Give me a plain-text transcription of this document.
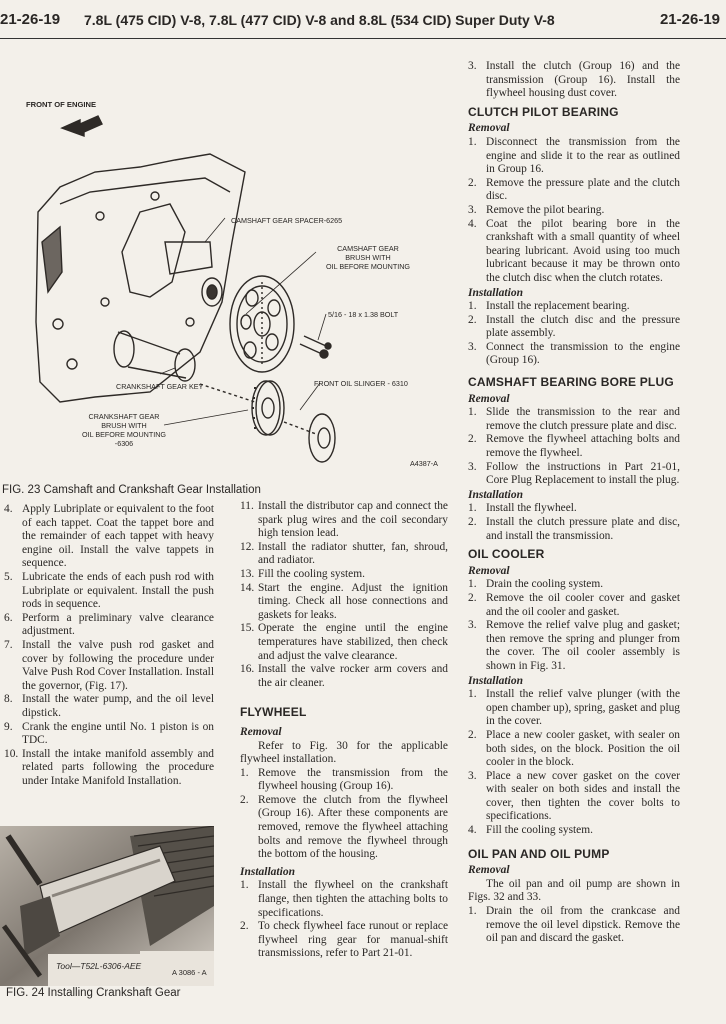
21-26-19 7.8L (475 CID) V-8, 7.8L (477 CID) V-8 and 8.8L (534 CID) Super Duty V-8	21-26-19
FRONT OF ENGINE
CAMSHAFT GEAR SPACER-6265
CAMSHAFT GEAR
BRUSH WITH
OIL BEFORE MOUNTING
5/16 - 18 x 1.38 BOLT
CRANKSHAFT GEAR KEY	FRONT OIL SLINGER - 6310
CRANKSHAFT GEAR
BRUSH WITH
OIL BEFORE MOUNTING
-6306
A4387-A
FIG. 23 Camshaft and Crankshaft Gear Installation
4. Apply Lubriplate or equivalent to the foot of each tappet. Coat the tappet bore and the remainder of each tappet with heavy engine oil. Install the valve tappets in sequence.
5. Lubricate the ends of each push rod with Lubriplate or equivalent. Install the push rods in sequence.
6. Perform a preliminary valve clearance adjustment.
7. Install the valve push rod gasket and cover by following the procedure under Valve Push Rod Cover Installation. Install the governor, (Fig. 17).
8. Install the water pump, and the oil level dipstick.
9. Crank the engine until No. 1 piston is on TDC.
10. Install the intake manifold assembly and related parts following the procedure under Intake Manifold Installation.
Tool—T52L-6306-AEE
A 3086 - A
FIG. 24 Installing Crankshaft Gear
11. Install the distributor cap and connect the spark plug wires and the coil secondary high tension lead.
12. Install the radiator shutter, fan, shroud, and radiator.
13. Fill the cooling system.
14. Start the engine. Adjust the ignition timing. Check all hose connections and gaskets for leaks.
15. Operate the engine until the engine temperatures have stabilized, then check and adjust the valve clearance.
16. Install the valve rocker arm covers and the air cleaner.
FLYWHEEL
Removal

Refer to Fig. 30 for the applicable flywheel installation.

1. Remove the transmission from the flywheel housing (Group 16).
2. Remove the clutch from the flywheel (Group 16). After these components are removed, remove the flywheel attaching bolts and remove the flywheel through the bottom of the housing.
Installation
1. Install the flywheel on the crankshaft flange, then tighten the attaching bolts to specifications.
2. To check flywheel face runout or replace flywheel ring gear for manual-shift transmissions, refer to Part 21-01.
3. Install the clutch (Group 16) and the transmission (Group 16). Install the flywheel housing dust cover.
CLUTCH PILOT BEARING
Removal
1. Disconnect the transmission from the engine and slide it to the rear as outlined in Group 16.
2. Remove the pressure plate and the clutch disc.
3. Remove the pilot bearing.
4. Coat the pilot bearing bore in the crankshaft with a small quantity of wheel bearing lubricant. Avoid using too much lubricant because it may be thrown onto the clutch disc when the clutch rotates.
Installation
1. Install the replacement bearing.
2. Install the clutch disc and the pressure plate assembly.
3. Connect the transmission to the engine (Group 16).
CAMSHAFT BEARING BORE PLUG
Removal
1. Slide the transmission to the rear and remove the clutch pressure plate and disc.
2. Remove the flywheel attaching bolts and remove the flywheel.
3. Follow the instructions in Part 21-01, Core Plug Replacement to install the plug.
Installation
1. Install the flywheel.
2. Install the clutch pressure plate and disc, and install the transmission.
OIL COOLER
Removal
1. Drain the cooling system.
2. Remove the oil cooler cover and gasket and the oil cooler and gasket.
3. Remove the relief valve plug and gasket; then remove the spring and plunger from the cover. The oil cooler assembly is shown in Fig. 31.
Installation
1. Install the relief valve plunger (with the open chamber up), spring, gasket and plug in the cover.
2. Place a new cooler gasket, with sealer on both sides, on the block. Position the oil cooler in the block.
3. Place a new cover gasket on the cover with sealer on both sides and install the cover, then tighten the cover bolts to specifications.
4. Fill the cooling system.
OIL PAN AND OIL PUMP
Removal

The oil pan and oil pump are shown in Figs. 32 and 33.

1. Drain the oil from the crankcase and remove the oil level dipstick. Remove the oil pan and discard the gasket.
